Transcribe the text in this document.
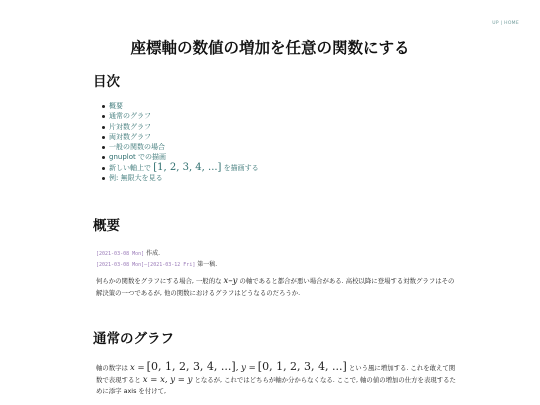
UP | HOME
座標軸の数値の増加を任意の関数にする
目次
概要
通常のグラフ
片対数グラフ
両対数グラフ
一般の関数の場合
gnuplot での描画
新しい軸上で [1, 2, 3, 4, ...] を描画する
例: 無限大を見る
概要
[2021-03-08 Mon] 作成.
[2021-03-08 Mon]–[2021-03-12 Fri] 第一稿.
何らかの関数をグラフにする場合, 一般的な x–y の軸であると都合が悪い場合がある. 高校以降に登場する対数グラフはその解決策の一つであるが, 他の関数におけるグラフはどうなるのだろうか.
通常のグラフ
軸の数字は x = [0, 1, 2, 3, 4, ...], y = [0, 1, 2, 3, 4, ...] という風に増加する. これを敢えて関数で表現すると x = x, y = y となるが, これではどちらが軸か分からなくなる. ここで, 軸の値の増加の仕方を表現するために添字 axis を付けて,
